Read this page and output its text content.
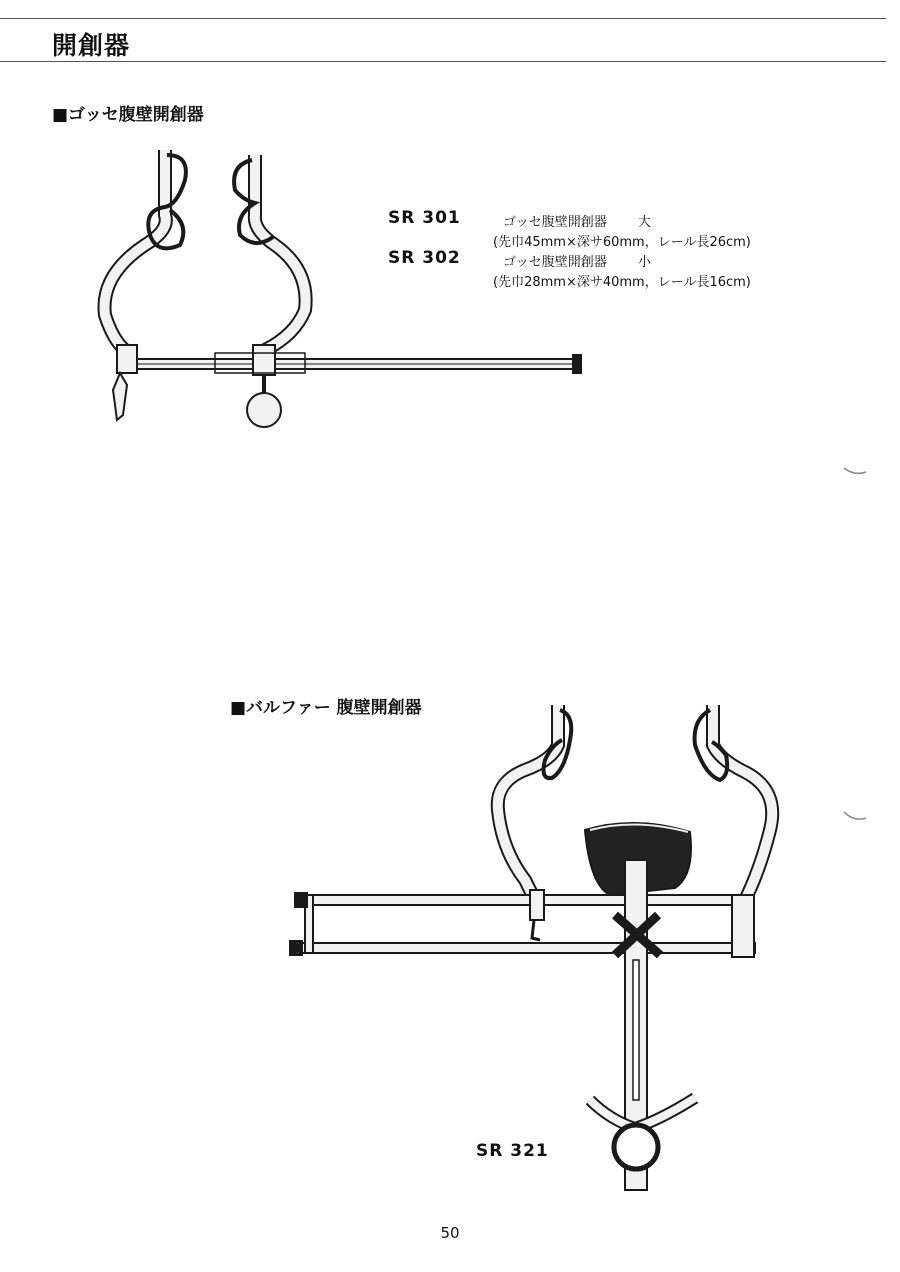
開創器
■ゴッセ腹壁開創器
SR 301	ゴッセ腹壁開創器 大
(先巾45mm×深サ60mm，レール長26cm)
SR 302	ゴッセ腹壁開創器 小
(先巾28mm×深サ40mm，レール長16cm)
■バルファー 腹壁開創器
SR 321
50
